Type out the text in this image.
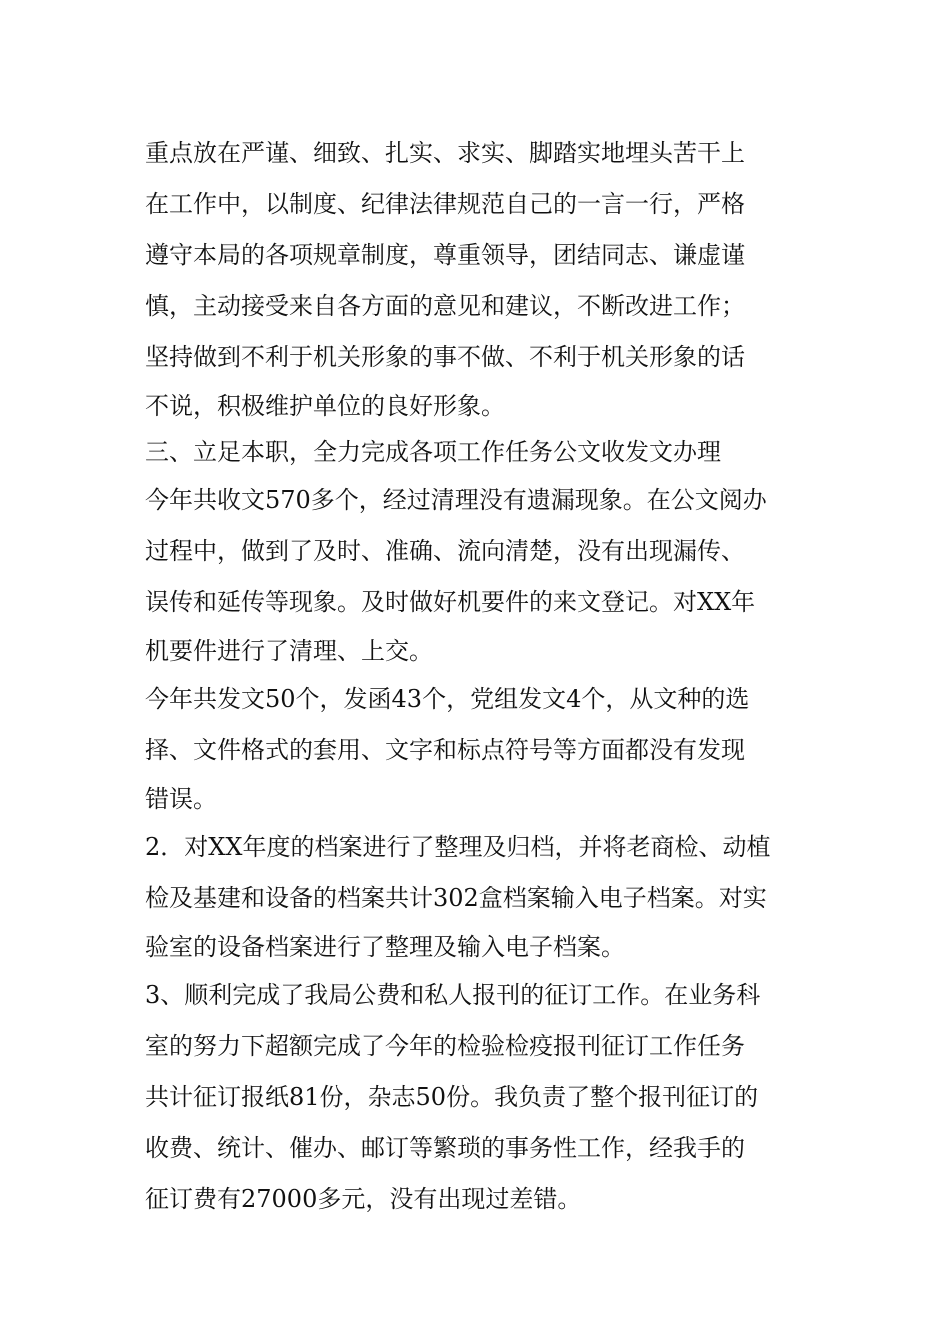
重点放在严谨、细致、扎实、求实、脚踏实地埋头苦干上
在工作中，以制度、纪律法律规范自己的一言一行，严格
遵守本局的各项规章制度，尊重领导，团结同志、谦虚谨
慎，主动接受来自各方面的意见和建议，不断改进工作；
坚持做到不利于机关形象的事不做、不利于机关形象的话
不说，积极维护单位的良好形象。
三、立足本职，全力完成各项工作任务公文收发文办理
今年共收文570多个，经过清理没有遗漏现象。在公文阅办
过程中，做到了及时、准确、流向清楚，没有出现漏传、
误传和延传等现象。及时做好机要件的来文登记。对XX年
机要件进行了清理、上交。
今年共发文50个，发函43个，党组发文4个，从文种的选
择、文件格式的套用、文字和标点符号等方面都没有发现
错误。
2．对XX年度的档案进行了整理及归档，并将老商检、动植
检及基建和设备的档案共计302盒档案输入电子档案。对实
验室的设备档案进行了整理及输入电子档案。
3、顺利完成了我局公费和私人报刊的征订工作。在业务科
室的努力下超额完成了今年的检验检疫报刊征订工作任务
共计征订报纸81份，杂志50份。我负责了整个报刊征订的
收费、统计、催办、邮订等繁琐的事务性工作，经我手的
征订费有27000多元，没有出现过差错。
